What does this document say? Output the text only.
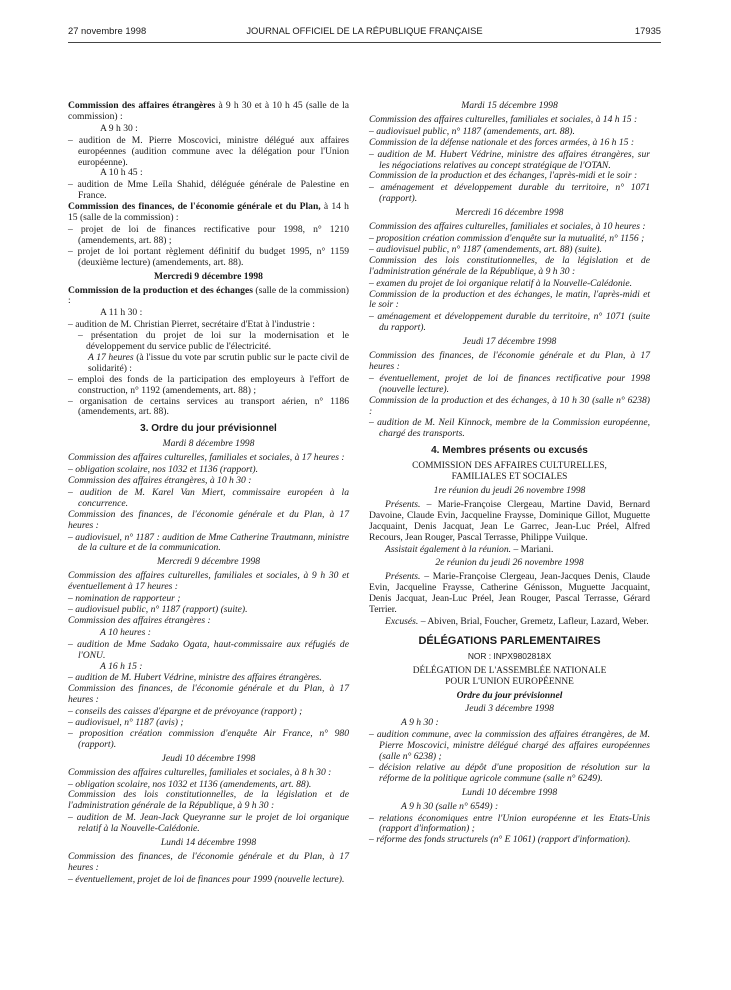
27 novembre 1998	JOURNAL OFFICIEL DE LA RÉPUBLIQUE FRANÇAISE	17935

Commission des affaires étrangères à 9 h 30 et à 10 h 45 (salle de la commission) :

A 9 h 30 :

– audition de M. Pierre Moscovici, ministre délégué aux affaires européennes (audition commune avec la délégation pour l'Union européenne).

A 10 h 45 :

– audition de Mme Leïla Shahid, déléguée générale de Palestine en France.

Commission des finances, de l'économie générale et du Plan, à 14 h 15 (salle de la commission) :

– projet de loi de finances rectificative pour 1998, n° 1210 (amendements, art. 88) ;

– projet de loi portant règlement définitif du budget 1995, n° 1159 (deuxième lecture) (amendements, art. 88).

Mercredi 9 décembre 1998

Commission de la production et des échanges (salle de la commission) :

A 11 h 30 :

– audition de M. Christian Pierret, secrétaire d'Etat à l'industrie :

– présentation du projet de loi sur la modernisation et le développement du service public de l'électricité.

A 17 heures (à l'issue du vote par scrutin public sur le pacte civil de solidarité) :

– emploi des fonds de la participation des employeurs à l'effort de construction, n° 1192 (amendements, art. 88) ;

– organisation de certains services au transport aérien, n° 1186 (amendements, art. 88).

3. Ordre du jour prévisionnel

Mardi 8 décembre 1998

Commission des affaires culturelles, familiales et sociales, à 17 heures :

– obligation scolaire, nos 1032 et 1136 (rapport).

Commission des affaires étrangères, à 10 h 30 :

– audition de M. Karel Van Miert, commissaire européen à la concurrence.

Commission des finances, de l'économie générale et du Plan, à 17 heures :

– audiovisuel, n° 1187 : audition de Mme Catherine Trautmann, ministre de la culture et de la communication.

Mercredi 9 décembre 1998

Commission des affaires culturelles, familiales et sociales, à 9 h 30 et éventuellement à 17 heures :

– nomination de rapporteur ;

– audiovisuel public, n° 1187 (rapport) (suite).

Commission des affaires étrangères :

A 10 heures :

– audition de Mme Sadako Ogata, haut-commissaire aux réfugiés de l'ONU.

A 16 h 15 :

– audition de M. Hubert Védrine, ministre des affaires étrangères.

Commission des finances, de l'économie générale et du Plan, à 17 heures :

– conseils des caisses d'épargne et de prévoyance (rapport) ;

– audiovisuel, n° 1187 (avis) ;

– proposition création commission d'enquête Air France, n° 980 (rapport).

Jeudi 10 décembre 1998

Commission des affaires culturelles, familiales et sociales, à 8 h 30 :

– obligation scolaire, nos 1032 et 1136 (amendements, art. 88).

Commission des lois constitutionnelles, de la législation et de l'administration générale de la République, à 9 h 30 :

– audition de M. Jean-Jack Queyranne sur le projet de loi organique relatif à la Nouvelle-Calédonie.

Lundi 14 décembre 1998

Commission des finances, de l'économie générale et du Plan, à 17 heures :

– éventuellement, projet de loi de finances pour 1999 (nouvelle lecture).

Mardi 15 décembre 1998

Commission des affaires culturelles, familiales et sociales, à 14 h 15 :

– audiovisuel public, n° 1187 (amendements, art. 88).

Commission de la défense nationale et des forces armées, à 16 h 15 :

– audition de M. Hubert Védrine, ministre des affaires étrangères, sur les négociations relatives au concept stratégique de l'OTAN.

Commission de la production et des échanges, l'après-midi et le soir :

– aménagement et développement durable du territoire, n° 1071 (rapport).

Mercredi 16 décembre 1998

Commission des affaires culturelles, familiales et sociales, à 10 heures :

– proposition création commission d'enquête sur la mutualité, n° 1156 ;

– audiovisuel public, n° 1187 (amendements, art. 88) (suite).

Commission des lois constitutionnelles, de la législation et de l'administration générale de la République, à 9 h 30 :

– examen du projet de loi organique relatif à la Nouvelle-Calédonie.

Commission de la production et des échanges, le matin, l'après-midi et le soir :

– aménagement et développement durable du territoire, n° 1071 (suite du rapport).

Jeudi 17 décembre 1998

Commission des finances, de l'économie générale et du Plan, à 17 heures :

– éventuellement, projet de loi de finances rectificative pour 1998 (nouvelle lecture).

Commission de la production et des échanges, à 10 h 30 (salle n° 6238) :

– audition de M. Neil Kinnock, membre de la Commission européenne, chargé des transports.

4. Membres présents ou excusés

COMMISSION DES AFFAIRES CULTURELLES,

FAMILIALES ET SOCIALES

1re réunion du jeudi 26 novembre 1998

Présents. – Marie-Françoise Clergeau, Martine David, Bernard Davoine, Claude Evin, Jacqueline Fraysse, Dominique Gillot, Muguette Jacquaint, Denis Jacquat, Jean Le Garrec, Jean-Luc Préel, Alfred Recours, Jean Rouger, Pascal Terrasse, Philippe Vuilque.

Assistait également à la réunion. – Mariani.

2e réunion du jeudi 26 novembre 1998

Présents. – Marie-Françoise Clergeau, Jean-Jacques Denis, Claude Evin, Jacqueline Fraysse, Catherine Génisson, Muguette Jacquaint, Denis Jacquat, Jean-Luc Préel, Jean Rouger, Pascal Terrasse, Gérard Terrier.

Excusés. – Abiven, Brial, Foucher, Gremetz, Lafleur, Lazard, Weber.

DÉLÉGATIONS PARLEMENTAIRES

NOR : INPX9802818X

DÉLÉGATION DE L'ASSEMBLÉE NATIONALE

POUR L'UNION EUROPÉENNE

Ordre du jour prévisionnel

Jeudi 3 décembre 1998

A 9 h 30 :

– audition commune, avec la commission des affaires étrangères, de M. Pierre Moscovici, ministre délégué chargé des affaires européennes (salle n° 6238) ;

– décision relative au dépôt d'une proposition de résolution sur la réforme de la politique agricole commune (salle n° 6249).

Lundi 10 décembre 1998

A 9 h 30 (salle n° 6549) :

– relations économiques entre l'Union européenne et les Etats-Unis (rapport d'information) ;

– réforme des fonds structurels (n° E 1061) (rapport d'information).
